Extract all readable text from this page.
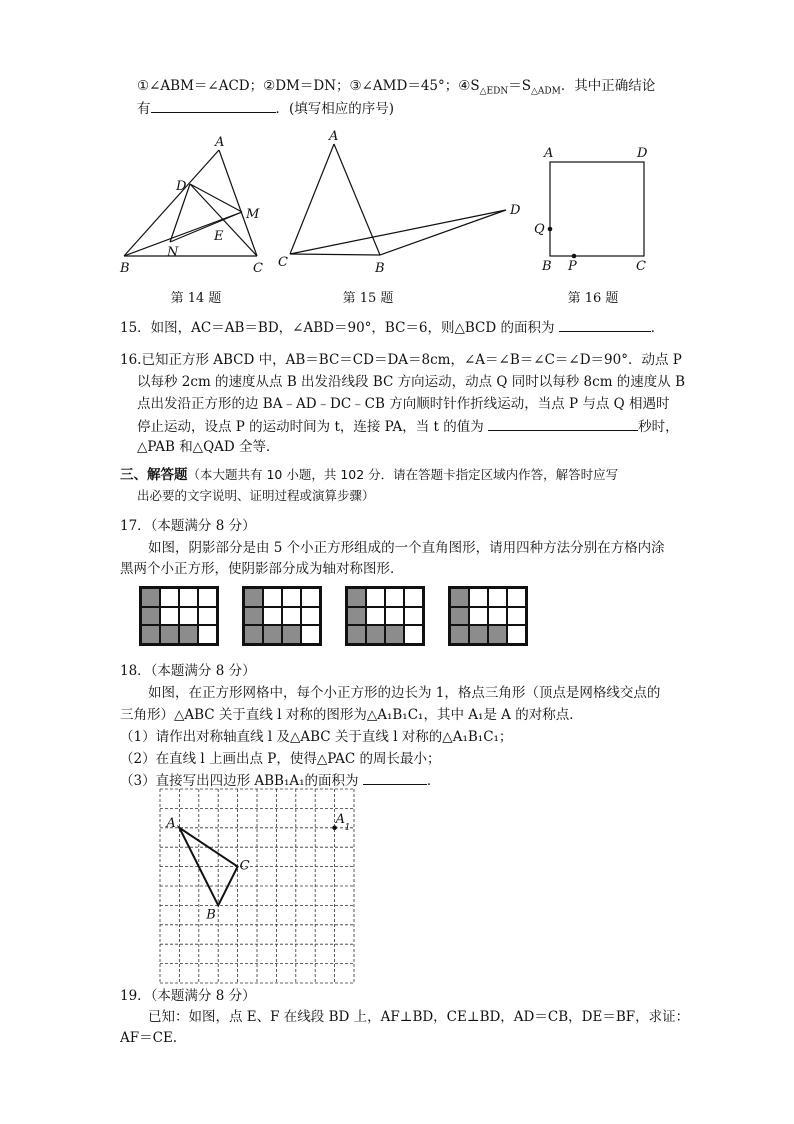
①∠ABM＝∠ACD；②DM＝DN；③∠AMD＝45°；$④S_{\triangle EDN}=S_{\triangle ADM}$．其中正确结论
有	．(填写相应的序号)
A
D
M
E
N
B	C
第 14 题
A
D
C	B
第 15 题
A	D
Q
B P	C
第 16 题
15．如图，AC＝AB＝BD，∠ABD＝90°，BC＝6，则△BCD 的面积为	．
16.已知正方形 ABCD 中，AB＝BC＝CD＝DA＝8cm，∠A＝∠B＝∠C＝∠D＝90°．动点 P
以每秒 2cm 的速度从点 B 出发沿线段 BC 方向运动，动点 Q 同时以每秒 8cm 的速度从 B
点出发沿正方形的边 BA﹣AD﹣DC﹣CB 方向顺时针作折线运动，当点 P 与点 Q 相遇时
停止运动，设点 P 的运动时间为 t，连接 PA，当 t 的值为	秒时，
△PAB 和△QAD 全等．
三、解答题（本大题共有 10 小题，共 102 分．请在答题卡指定区域内作答，解答时应写
出必要的文字说明、证明过程或演算步骤）
17．（本题满分 8 分）
如图，阴影部分是由 5 个小正方形组成的一个直角图形，请用四种方法分别在方格内涂
黑两个小正方形，使阴影部分成为轴对称图形．
18．（本题满分 8 分）
如图，在正方形网格中，每个小正方形的边长为 1，格点三角形（顶点是网格线交点的
三角形）△ABC 关于直线 l 对称的图形为△A₁B₁C₁，其中 A₁是 A 的对称点．
（1）请作出对称轴直线 l 及△ABC 关于直线 l 对称的△A₁B₁C₁；
（2）在直线 l 上画出点 P，使得△PAC 的周长最小；
（3）直接写出四边形 ABB₁A₁的面积为	．
A	A
1
C
B
19．（本题满分 8 分）
已知：如图，点 E、F 在线段 BD 上，AF⊥BD，CE⊥BD，AD＝CB，DE＝BF，求证：
AF＝CE.
